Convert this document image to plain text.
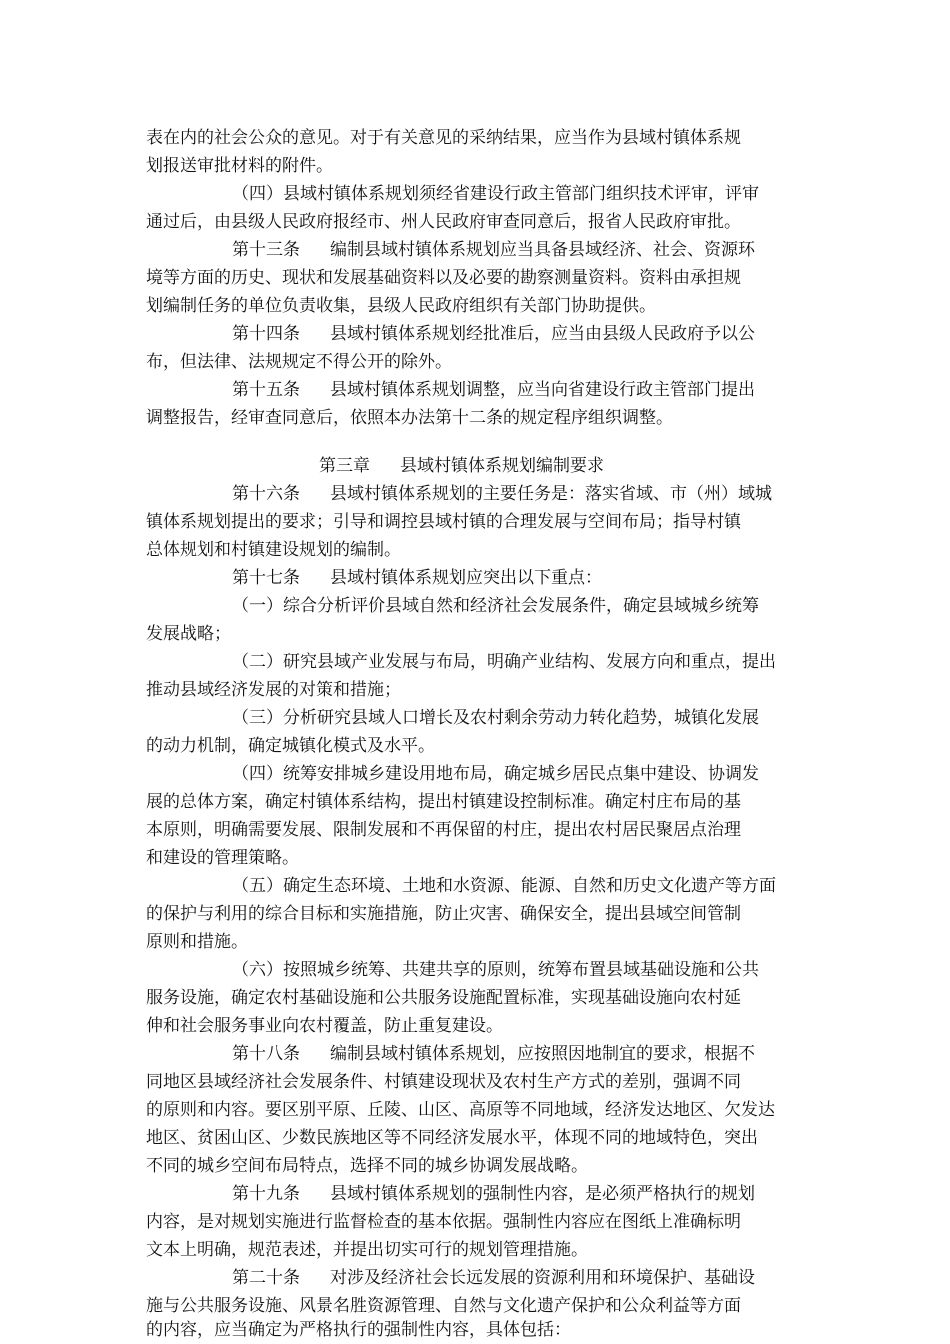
表在内的社会公众的意见。对于有关意见的采纳结果，应当作为县域村镇体系规
划报送审批材料的附件。
（四）县域村镇体系规划须经省建设行政主管部门组织技术评审，评审
通过后，由县级人民政府报经市、州人民政府审查同意后，报省人民政府审批。
第十三条 编制县域村镇体系规划应当具备县域经济、社会、资源环
境等方面的历史、现状和发展基础资料以及必要的勘察测量资料。资料由承担规
划编制任务的单位负责收集，县级人民政府组织有关部门协助提供。
第十四条 县域村镇体系规划经批准后，应当由县级人民政府予以公
布，但法律、法规规定不得公开的除外。
第十五条 县域村镇体系规划调整，应当向省建设行政主管部门提出
调整报告，经审查同意后，依照本办法第十二条的规定程序组织调整。
第三章 县域村镇体系规划编制要求
第十六条 县域村镇体系规划的主要任务是：落实省域、市（州）域城
镇体系规划提出的要求；引导和调控县域村镇的合理发展与空间布局；指导村镇
总体规划和村镇建设规划的编制。
第十七条 县域村镇体系规划应突出以下重点：
（一）综合分析评价县域自然和经济社会发展条件，确定县域城乡统筹
发展战略；
（二）研究县域产业发展与布局，明确产业结构、发展方向和重点，提出
推动县域经济发展的对策和措施；
（三）分析研究县域人口增长及农村剩余劳动力转化趋势，城镇化发展
的动力机制，确定城镇化模式及水平。
（四）统筹安排城乡建设用地布局，确定城乡居民点集中建设、协调发
展的总体方案，确定村镇体系结构，提出村镇建设控制标准。确定村庄布局的基
本原则，明确需要发展、限制发展和不再保留的村庄，提出农村居民聚居点治理
和建设的管理策略。
（五）确定生态环境、土地和水资源、能源、自然和历史文化遗产等方面
的保护与利用的综合目标和实施措施，防止灾害、确保安全，提出县域空间管制
原则和措施。
（六）按照城乡统筹、共建共享的原则，统筹布置县域基础设施和公共
服务设施，确定农村基础设施和公共服务设施配置标准，实现基础设施向农村延
伸和社会服务事业向农村覆盖，防止重复建设。
第十八条 编制县域村镇体系规划，应按照因地制宜的要求，根据不
同地区县域经济社会发展条件、村镇建设现状及农村生产方式的差别，强调不同
的原则和内容。要区别平原、丘陵、山区、高原等不同地域，经济发达地区、欠发达
地区、贫困山区、少数民族地区等不同经济发展水平，体现不同的地域特色，突出
不同的城乡空间布局特点，选择不同的城乡协调发展战略。
第十九条 县域村镇体系规划的强制性内容，是必须严格执行的规划
内容，是对规划实施进行监督检查的基本依据。强制性内容应在图纸上准确标明
文本上明确，规范表述，并提出切实可行的规划管理措施。
第二十条 对涉及经济社会长远发展的资源利用和环境保护、基础设
施与公共服务设施、风景名胜资源管理、自然与文化遗产保护和公众利益等方面
的内容，应当确定为严格执行的强制性内容，具体包括：
